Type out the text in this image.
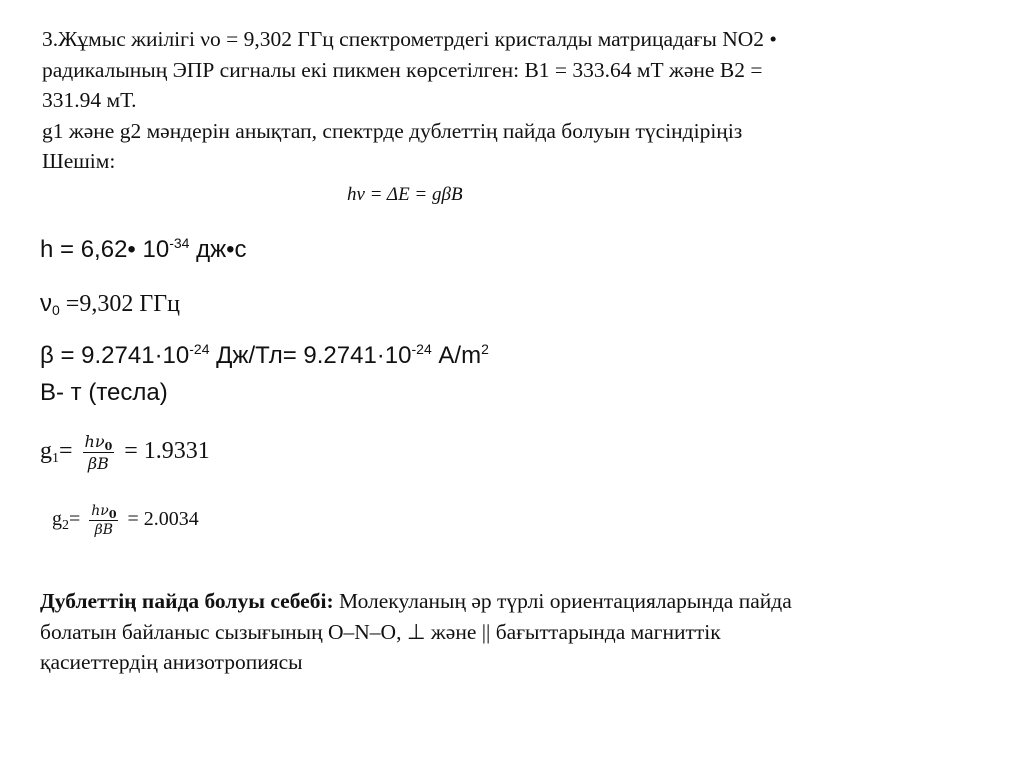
3.Жұмыс жиілігі νо = 9,302 ГГц спектрометрдегі кристалды матрицадағы NO2 •
радикалының ЭПР сигналы екі пикмен көрсетілген: B1 = 333.64 мТ және B2 =
331.94 мТ.
g1 және g2 мәндерін анықтап, спектрде дублеттің пайда болуын түсіндіріңіз
Шешім:
hν = ΔE = gβB
h = 6,62• $10^{-34}$ дж•с
$\nu_0 =9,302$ ГГц
$\beta = 9.2741\cdot 10^{-24}$ $Дж/Тл= 9.2741\cdot 10^{-24}$ $А/m^2$
B- т (тесла)
$g_1= \frac{h\nu_0}{\beta B} = 1.9331$
$g_2= \frac{h\nu_0}{\beta B} = 2.0034$
Дублеттің пайда болуы себебі: Молекуланың әр түрлі ориентацияларында пайда
болатын байланыс сызығының O–N–O, ⊥ және || бағыттарында магниттік
қасиеттердің анизотропиясы
